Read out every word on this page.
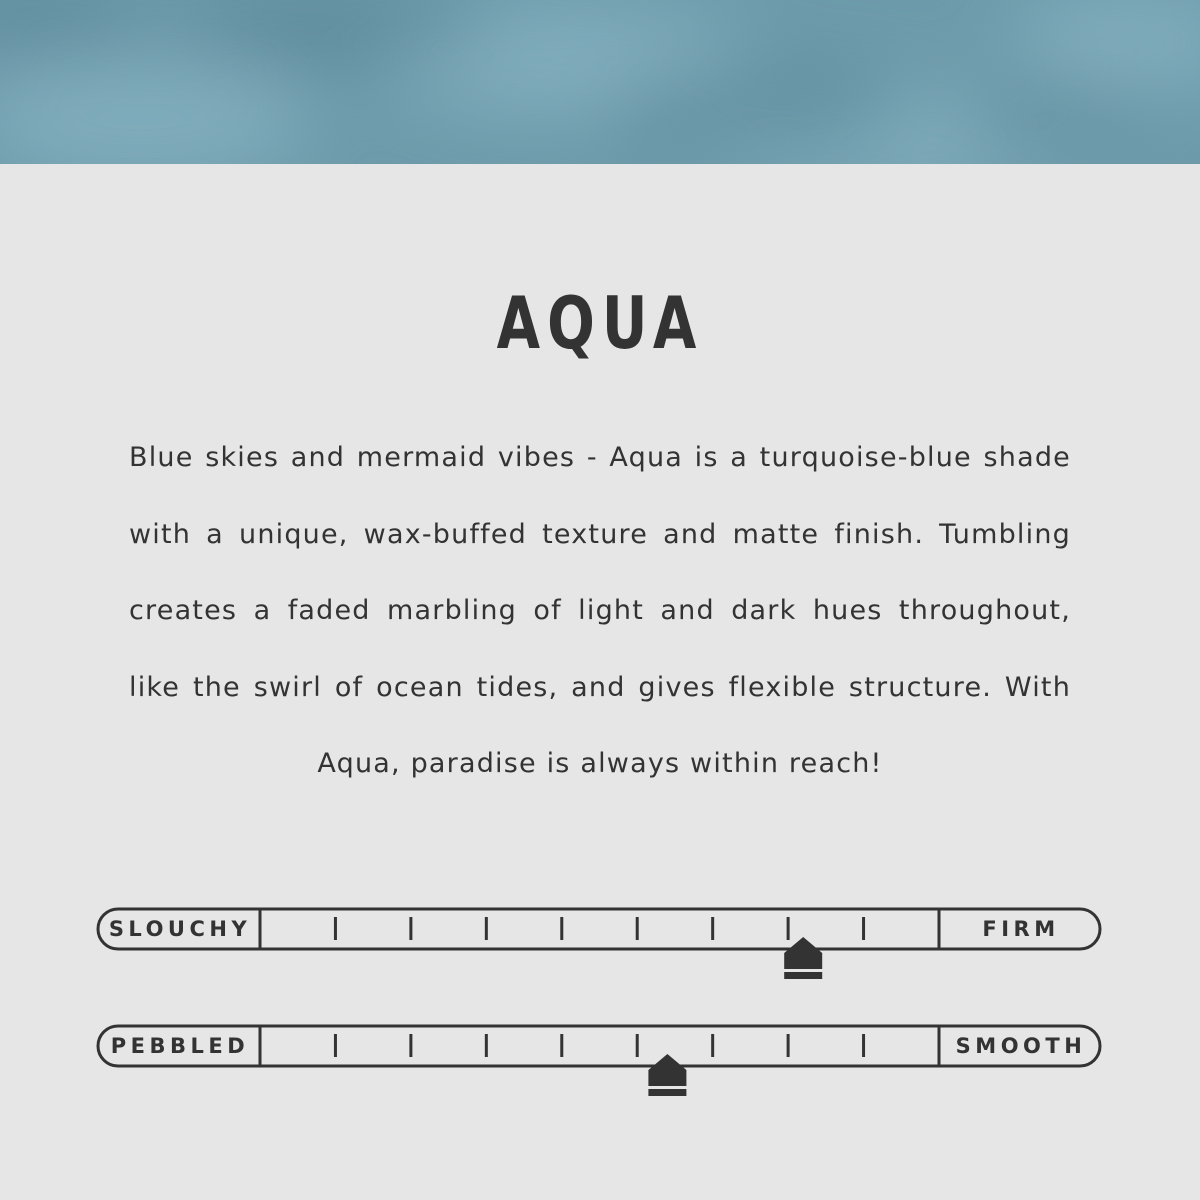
AQUA

Blue skies and mermaid vibes - Aqua is a turquoise-blue shade with a unique, wax-buffed texture and matte finish. Tumbling creates a faded marbling of light and dark hues throughout, like the swirl of ocean tides, and gives flexible structure. With Aqua, paradise is always within reach!

SLOUCHY	FIRM
PEBBLED	SMOOTH
